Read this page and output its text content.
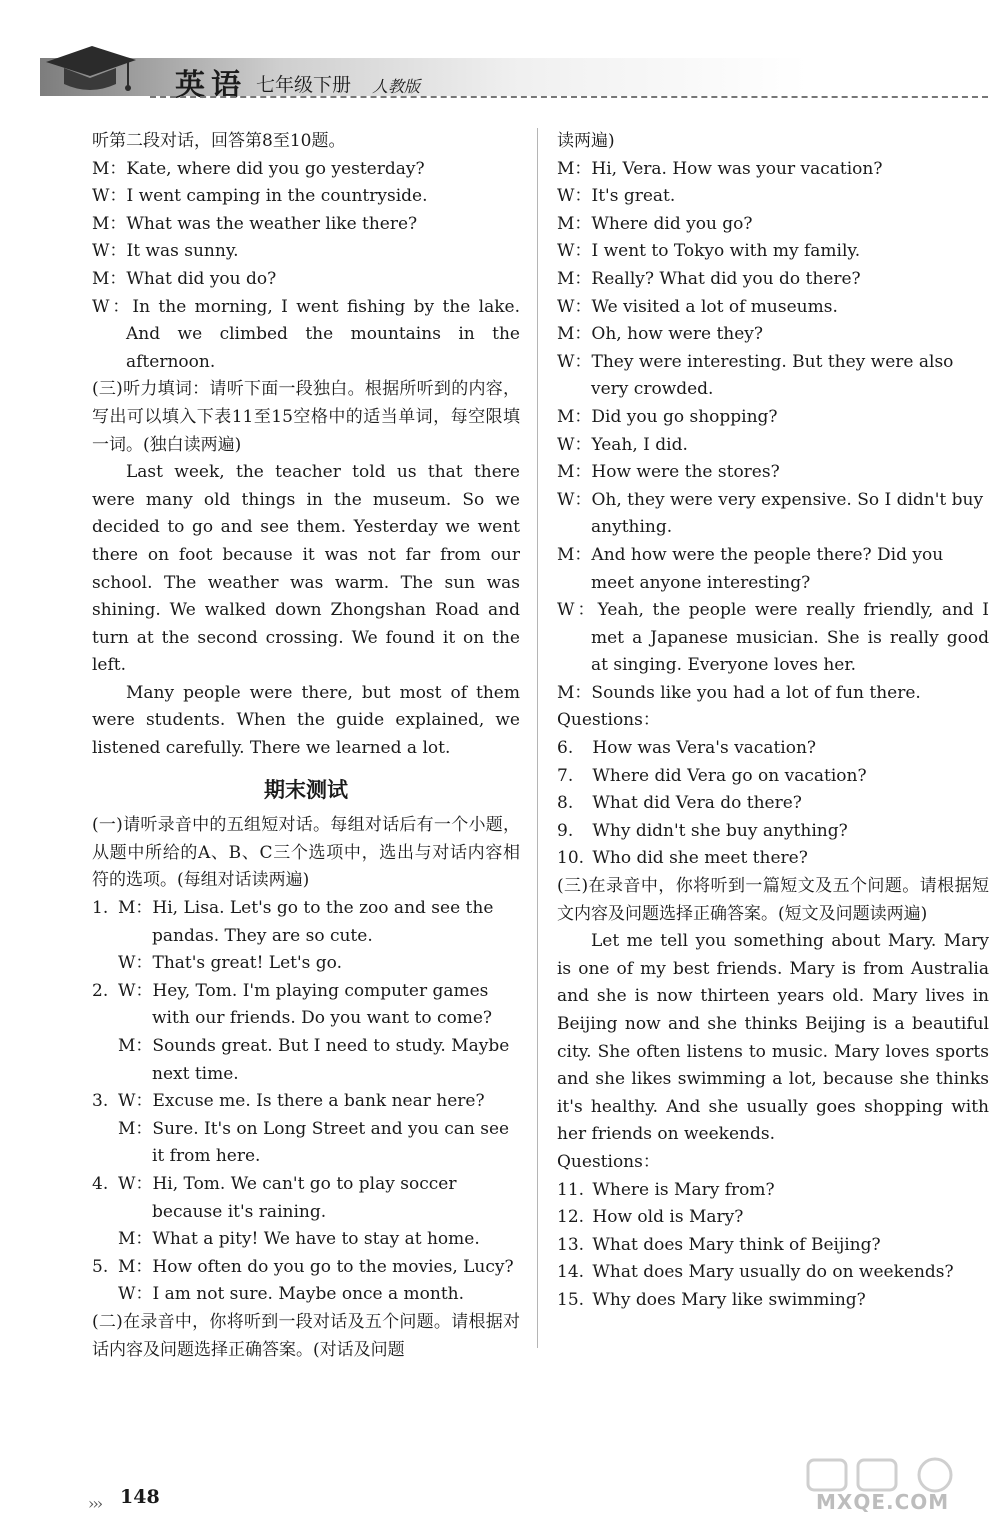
英语 七年级下册 人教版

听第二段对话，回答第8至10题。

M：Kate, where did you go yesterday?

W：I went camping in the countryside.

M：What was the weather like there?

W：It was sunny.

M：What did you do?

W：In the morning, I went fishing by the lake. And we climbed the mountains in the afternoon.

(三)听力填词：请听下面一段独白。根据所听到的内容，写出可以填入下表11至15空格中的适当单词，每空限填一词。(独白读两遍)

Last week, the teacher told us that there were many old things in the museum. So we decided to go and see them. Yesterday we went there on foot because it was not far from our school. The weather was warm. The sun was shining. We walked down Zhongshan Road and turn at the second crossing. We found it on the left.

Many people were there, but most of them were students. When the guide explained, we listened carefully. There we learned a lot.

期末测试

(一)请听录音中的五组短对话。每组对话后有一个小题，从题中所给的A、B、C三个选项中，选出与对话内容相符的选项。(每组对话读两遍)

1. M：Hi, Lisa. Let's go to the zoo and see the pandas. They are so cute.

W：That's great! Let's go.

2. W：Hey, Tom. I'm playing computer games with our friends. Do you want to come?

M：Sounds great. But I need to study. Maybe next time.

3. W：Excuse me. Is there a bank near here?

M：Sure. It's on Long Street and you can see it from here.

4. W：Hi, Tom. We can't go to play soccer because it's raining.

M：What a pity! We have to stay at home.

5. M：How often do you go to the movies, Lucy?

W：I am not sure. Maybe once a month.

(二)在录音中，你将听到一段对话及五个问题。请根据对话内容及问题选择正确答案。(对话及问题

读两遍)

M：Hi, Vera. How was your vacation?

W：It's great.

M：Where did you go?

W：I went to Tokyo with my family.

M：Really? What did you do there?

W：We visited a lot of museums.

M：Oh, how were they?

W：They were interesting. But they were also very crowded.

M：Did you go shopping?

W：Yeah, I did.

M：How were the stores?

W：Oh, they were very expensive. So I didn't buy anything.

M：And how were the people there? Did you meet anyone interesting?

W：Yeah, the people were really friendly, and I met a Japanese musician. She is really good at singing. Everyone loves her.

M：Sounds like you had a lot of fun there.

Questions：

6. How was Vera's vacation?

7. Where did Vera go on vacation?

8. What did Vera do there?

9. Why didn't she buy anything?

10. Who did she meet there?

(三)在录音中，你将听到一篇短文及五个问题。请根据短文内容及问题选择正确答案。(短文及问题读两遍)

Let me tell you something about Mary. Mary is one of my best friends. Mary is from Australia and she is now thirteen years old. Mary lives in Beijing now and she thinks Beijing is a beautiful city. She often listens to music. Mary loves sports and she likes swimming a lot, because she thinks it's healthy. And she usually goes shopping with her friends on weekends.

Questions：

11. Where is Mary from?

12. How old is Mary?

13. What does Mary think of Beijing?

14. What does Mary usually do on weekends?

15. Why does Mary like swimming?

››› 148	MXQE.COM
